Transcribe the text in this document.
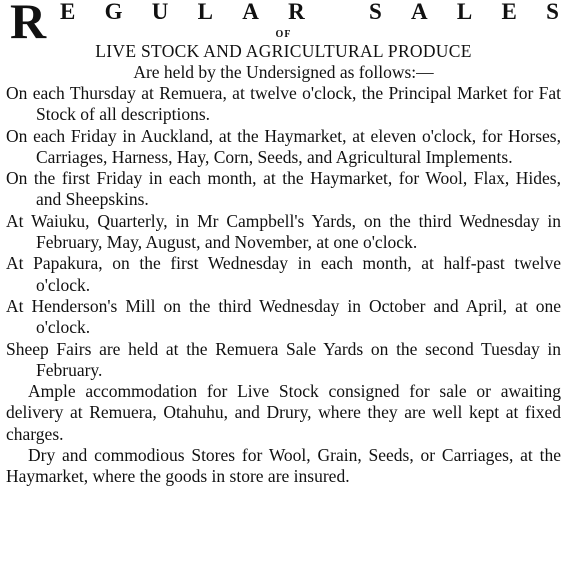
R E G U L A R
	S A L E S
OF
LIVE STOCK AND AGRICULTURAL PRODUCE
Are held by the Undersigned as follows:—

On each Thursday at Remuera, at twelve o'clock, the Principal Market for Fat Stock of all descriptions.

On each Friday in Auckland, at the Haymarket, at eleven o'clock, for Horses, Carriages, Harness, Hay, Corn, Seeds, and Agricultural Implements.

On the first Friday in each month, at the Haymarket, for Wool, Flax, Hides, and Sheepskins.

At Waiuku, Quarterly, in Mr Campbell's Yards, on the third Wednesday in February, May, August, and November, at one o'clock.

At Papakura, on the first Wednesday in each month, at half-past twelve o'clock.

At Henderson's Mill on the third Wednesday in October and April, at one o'clock.

Sheep Fairs are held at the Remuera Sale Yards on the second Tuesday in February.

Ample accommodation for Live Stock consigned for sale or awaiting delivery at Remuera, Otahuhu, and Drury, where they are well kept at fixed charges.

Dry and commodious Stores for Wool, Grain, Seeds, or Carriages, at the Haymarket, where the goods in store are insured.
